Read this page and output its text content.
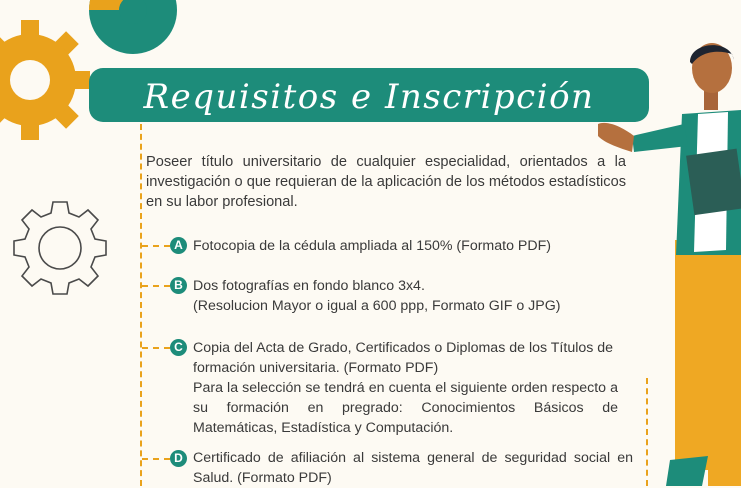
Requisitos e Inscripción
Poseer título universitario de cualquier especialidad, orientados a la investigación o que requieran de la aplicación de los métodos estadísticos en su labor profesional.
A Fotocopia de la cédula ampliada al 150% (Formato PDF)
B Dos fotografías en fondo blanco 3x4.
(Resolucion Mayor o igual a 600 ppp, Formato GIF o JPG)
C Copia del Acta de Grado, Certificados o Diplomas de los Títulos de formación universitaria. (Formato PDF)
Para la selección se tendrá en cuenta el siguiente orden respecto a su formación en pregrado: Conocimientos Básicos de Matemáticas, Estadística y Computación.
D Certificado de afiliación al sistema general de seguridad social en Salud. (Formato PDF)
